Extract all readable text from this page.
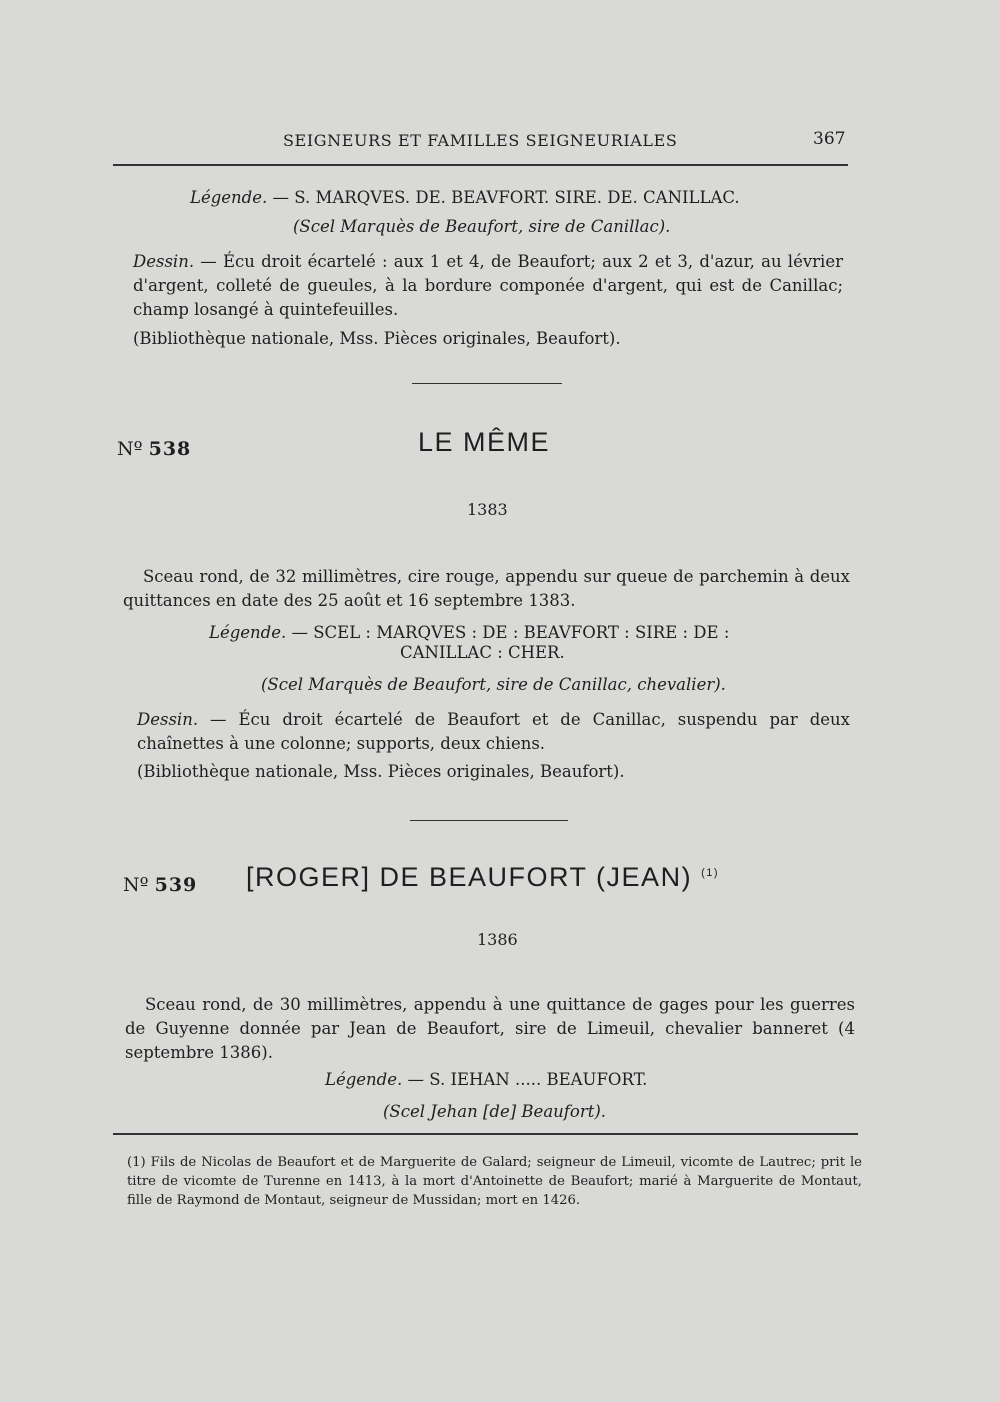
SEIGNEURS ET FAMILLES SEIGNEURIALES	367
Légende. — S. MARQVES. DE. BEAVFORT. SIRE. DE. CANILLAC.
(Scel Marquès de Beaufort, sire de Canillac).
Dessin. — Écu droit écartelé : aux 1 et 4, de Beaufort; aux 2 et 3, d'azur, au lévrier d'argent, colleté de gueules, à la bordure componée d'argent, qui est de Canillac; champ losangé à quintefeuilles.
(Bibliothèque nationale, Mss. Pièces originales, Beaufort).
Nº 538	LE MÊME
1383
Sceau rond, de 32 millimètres, cire rouge, appendu sur queue de parchemin à deux quittances en date des 25 août et 16 septembre 1383.
Légende. — SCEL : MARQVES : DE : BEAVFORT : SIRE : DE :
CANILLAC : CHER.
(Scel Marquès de Beaufort, sire de Canillac, chevalier).
Dessin. — Écu droit écartelé de Beaufort et de Canillac, suspendu par deux chaînettes à une colonne; supports, deux chiens.
(Bibliothèque nationale, Mss. Pièces originales, Beaufort).
Nº 539 [ROGER] DE BEAUFORT (JEAN) $^{(1)}$
1386
Sceau rond, de 30 millimètres, appendu à une quittance de gages pour les guerres de Guyenne donnée par Jean de Beaufort, sire de Limeuil, chevalier banneret (4 septembre 1386).
Légende. — S. IEHAN ..... BEAUFORT.
(Scel Jehan [de] Beaufort).
(1) Fils de Nicolas de Beaufort et de Marguerite de Galard; seigneur de Limeuil, vicomte de Lautrec; prit le titre de vicomte de Turenne en 1413, à la mort d'Antoinette de Beaufort; marié à Marguerite de Montaut, fille de Raymond de Montaut, seigneur de Mussidan; mort en 1426.
